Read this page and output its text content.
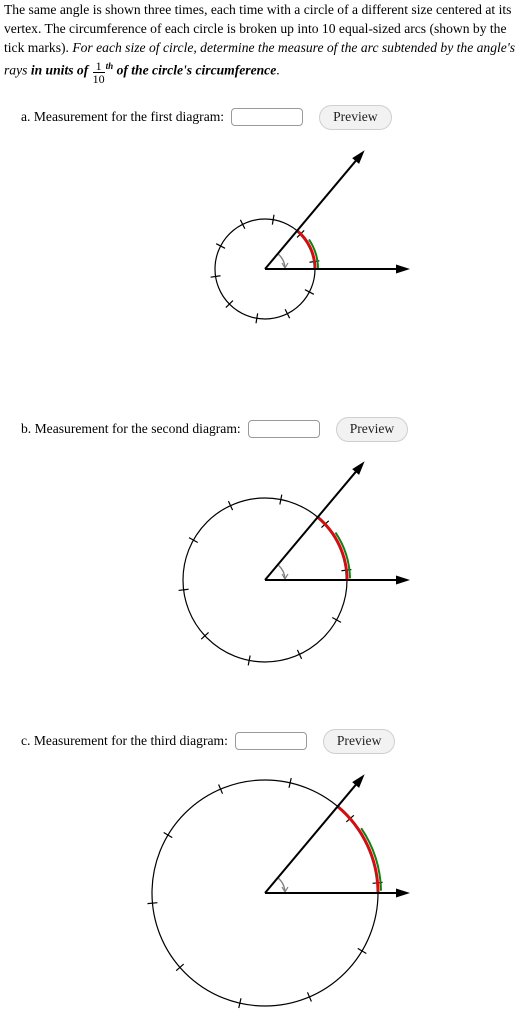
The same angle is shown three times, each time with a circle of a different size centered at its vertex. The circumference of each circle is broken up into 10 equal-sized arcs (shown by the tick marks). For each size of circle, determine the measure of the arc subtended by the angle's rays in units of $\frac{1}{10} ^{th}$ of the circle's circumference.
a. Measurement for the first diagram:	Preview
b. Measurement for the second diagram:	Preview
c. Measurement for the third diagram:	Preview
